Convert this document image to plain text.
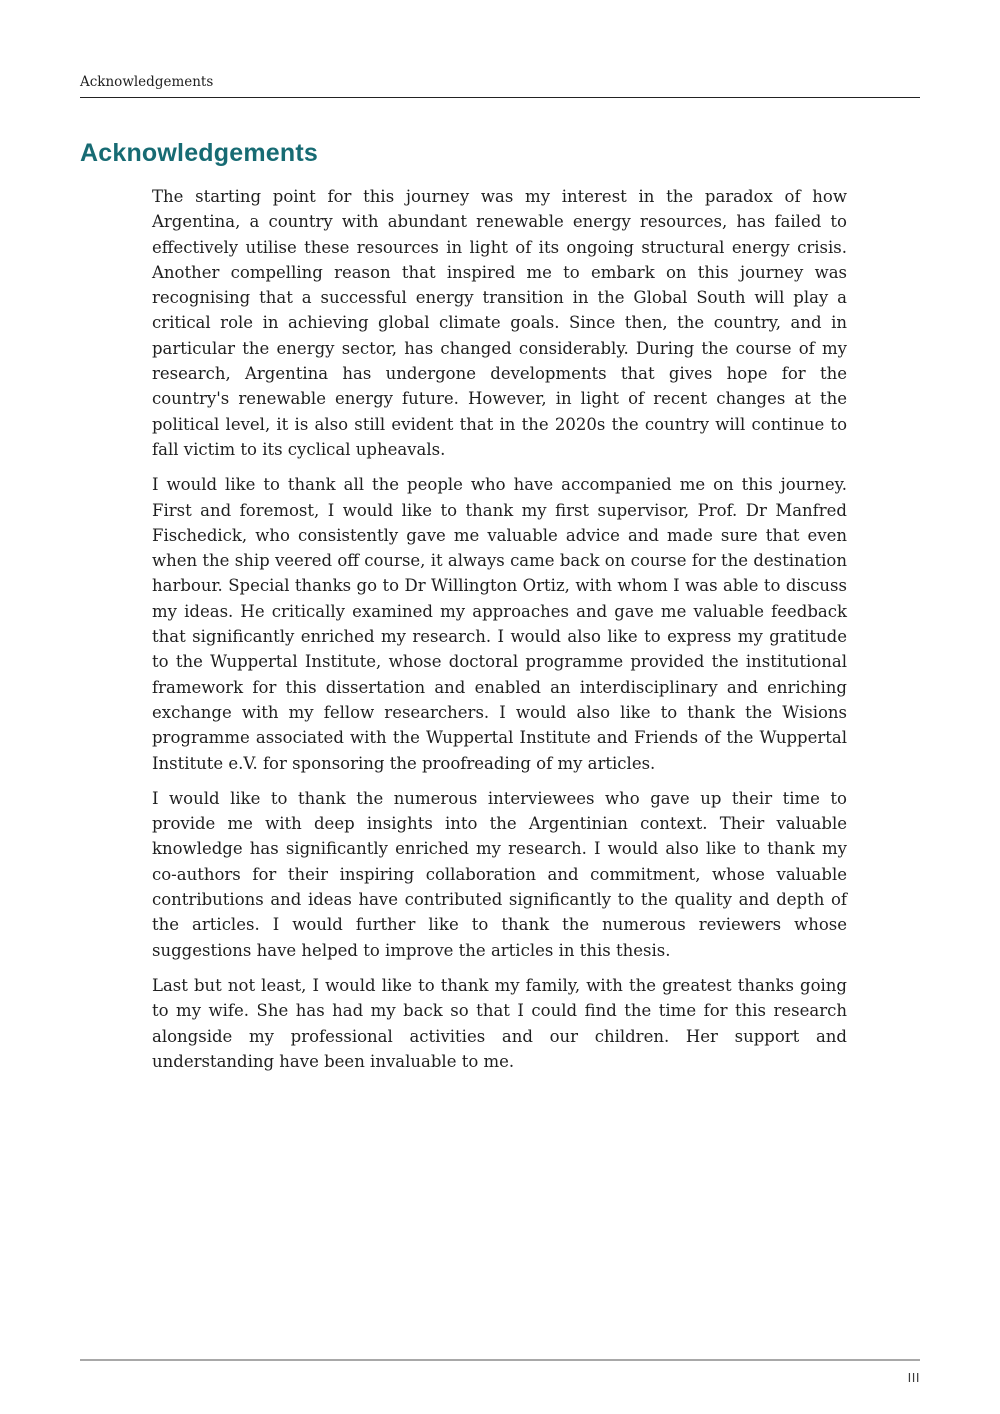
Acknowledgements
Acknowledgements

The starting point for this journey was my interest in the paradox of how Argentina, a country with abundant renewable energy resources, has failed to effectively utilise these resources in light of its ongoing structural energy crisis. Another compelling reason that inspired me to embark on this journey was recognising that a successful energy transition in the Global South will play a critical role in achieving global climate goals. Since then, the country, and in particular the energy sector, has changed considerably. During the course of my research, Argentina has undergone developments that gives hope for the country's renewable energy future. However, in light of recent changes at the political level, it is also still evident that in the 2020s the country will continue to fall victim to its cyclical upheavals.

I would like to thank all the people who have accompanied me on this journey. First and foremost, I would like to thank my first supervisor, Prof. Dr Manfred Fischedick, who consistently gave me valuable advice and made sure that even when the ship veered off course, it always came back on course for the destination harbour. Special thanks go to Dr Willington Ortiz, with whom I was able to discuss my ideas. He critically examined my approaches and gave me valuable feedback that significantly enriched my research. I would also like to express my gratitude to the Wuppertal Institute, whose doctoral programme provided the institutional framework for this dissertation and enabled an interdisciplinary and enriching exchange with my fellow researchers. I would also like to thank the Wisions programme associated with the Wuppertal Institute and Friends of the Wuppertal Institute e.V. for sponsoring the proofreading of my articles.

I would like to thank the numerous interviewees who gave up their time to provide me with deep insights into the Argentinian context. Their valuable knowledge has significantly enriched my research. I would also like to thank my co-authors for their inspiring collaboration and commitment, whose valuable contributions and ideas have contributed significantly to the quality and depth of the articles. I would further like to thank the numerous reviewers whose suggestions have helped to improve the articles in this thesis.

Last but not least, I would like to thank my family, with the greatest thanks going to my wife. She has had my back so that I could find the time for this research alongside my professional activities and our children. Her support and understanding have been invaluable to me.

III
